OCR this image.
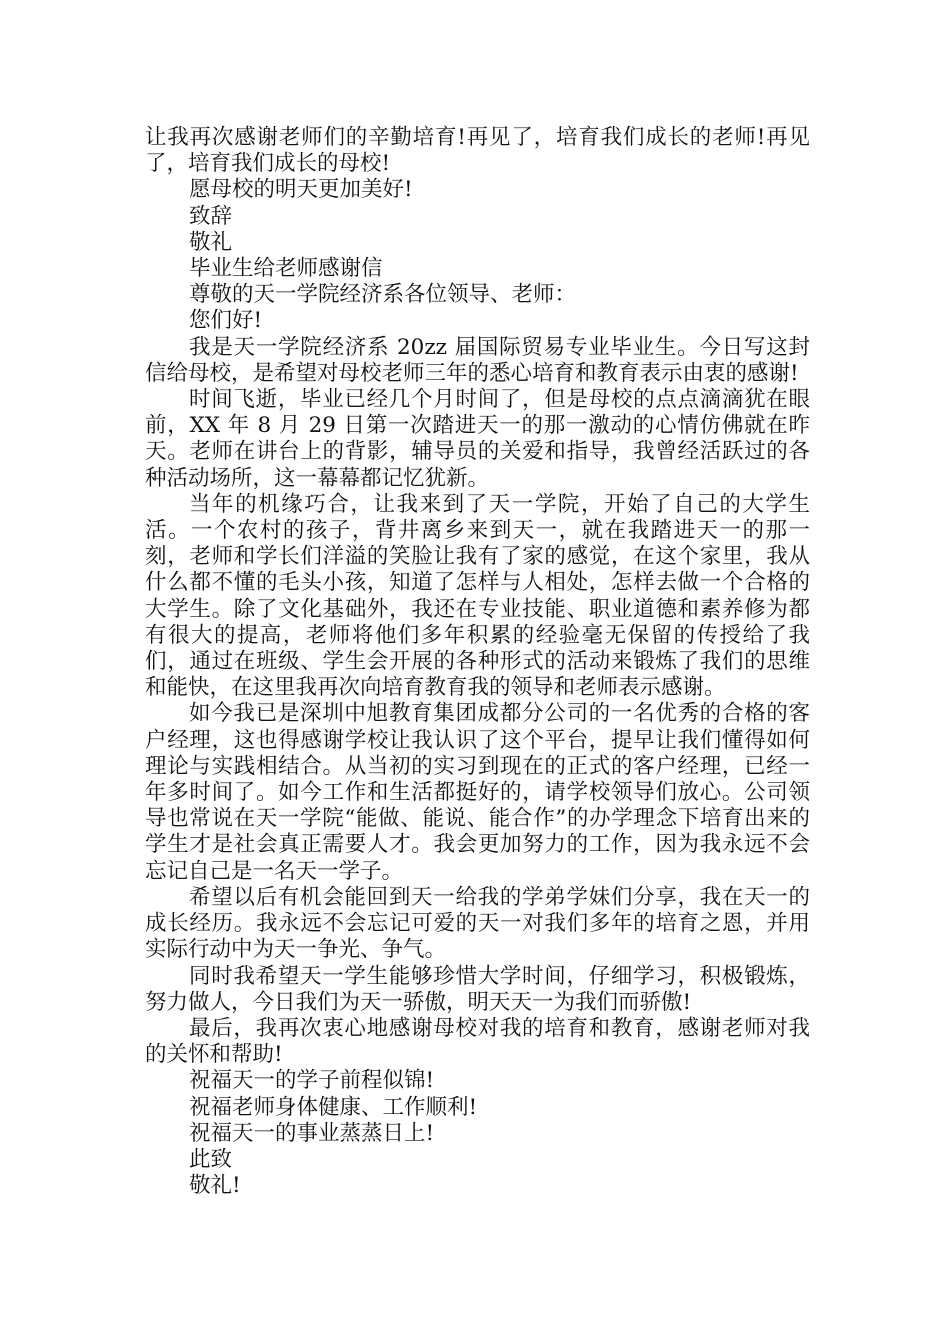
让我再次感谢老师们的辛勤培育!再见了，培育我们成长的老师!再见了，培育我们成长的母校!

愿母校的明天更加美好!

致辞

敬礼

毕业生给老师感谢信

尊敬的天一学院经济系各位领导、老师：

您们好!

我是天一学院经济系 20zz 届国际贸易专业毕业生。今日写这封信给母校，是希望对母校老师三年的悉心培育和教育表示由衷的感谢!

时间飞逝，毕业已经几个月时间了，但是母校的点点滴滴犹在眼前，XX 年 8 月 29 日第一次踏进天一的那一激动的心情仿佛就在昨天。老师在讲台上的背影，辅导员的关爱和指导，我曾经活跃过的各种活动场所，这一幕幕都记忆犹新。

当年的机缘巧合，让我来到了天一学院，开始了自己的大学生活。一个农村的孩子，背井离乡来到天一，就在我踏进天一的那一刻，老师和学长们洋溢的笑脸让我有了家的感觉，在这个家里，我从什么都不懂的毛头小孩，知道了怎样与人相处，怎样去做一个合格的大学生。除了文化基础外，我还在专业技能、职业道德和素养修为都有很大的提高，老师将他们多年积累的经验毫无保留的传授给了我们，通过在班级、学生会开展的各种形式的活动来锻炼了我们的思维和能快，在这里我再次向培育教育我的领导和老师表示感谢。

如今我已是深圳中旭教育集团成都分公司的一名优秀的合格的客户经理，这也得感谢学校让我认识了这个平台，提早让我们懂得如何理论与实践相结合。从当初的实习到现在的正式的客户经理，已经一年多时间了。如今工作和生活都挺好的，请学校领导们放心。公司领导也常说在天一学院“能做、能说、能合作”的办学理念下培育出来的学生才是社会真正需要人才。我会更加努力的工作，因为我永远不会忘记自己是一名天一学子。

希望以后有机会能回到天一给我的学弟学妹们分享，我在天一的成长经历。我永远不会忘记可爱的天一对我们多年的培育之恩，并用实际行动中为天一争光、争气。

同时我希望天一学生能够珍惜大学时间，仔细学习，积极锻炼，努力做人，今日我们为天一骄傲，明天天一为我们而骄傲!

最后，我再次衷心地感谢母校对我的培育和教育，感谢老师对我的关怀和帮助!

祝福天一的学子前程似锦!

祝福老师身体健康、工作顺利!

祝福天一的事业蒸蒸日上!

此致

敬礼!
